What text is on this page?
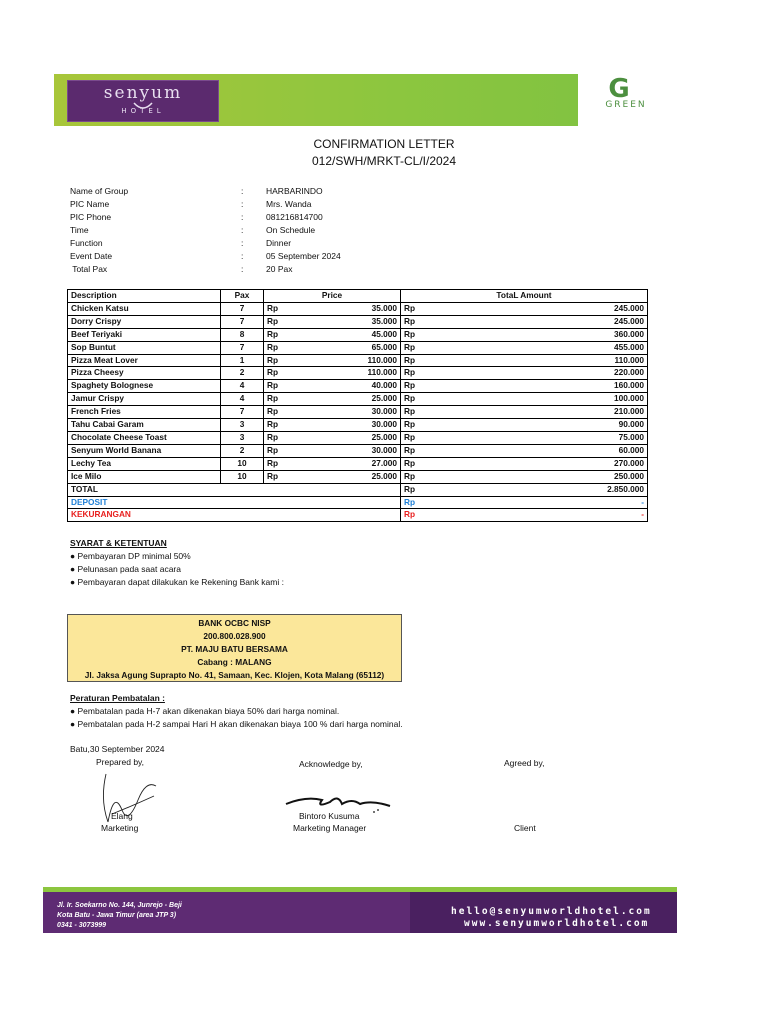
senyum
HOTEL
G
GREEN
CONFIRMATION LETTER
012/SWH/MRKT-CL/I/2024
Name of Group	:	HARBARINDO
PIC Name	:	Mrs. Wanda
PIC Phone	:	081216814700
Time	:	On Schedule
Function	:	Dinner
Event Date	:	05 September 2024
Total Pax	:	20 Pax
Description	Pax	Price		TotaL Amount	
Chicken Katsu	7	Rp	35.000	Rp	245.000
Dorry Crispy	7	Rp	35.000	Rp	245.000
Beef Teriyaki	8	Rp	45.000	Rp	360.000
Sop Buntut	7	Rp	65.000	Rp	455.000
Pizza Meat Lover	1	Rp	110.000	Rp	110.000
Pizza Cheesy	2	Rp	110.000	Rp	220.000
Spaghety Bolognese	4	Rp	40.000	Rp	160.000
Jamur Crispy	4	Rp	25.000	Rp	100.000
French Fries	7	Rp	30.000	Rp	210.000
Tahu Cabai Garam	3	Rp	30.000	Rp	90.000
Chocolate Cheese Toast	3	Rp	25.000	Rp	75.000
Senyum World Banana	2	Rp	30.000	Rp	60.000
Lechy Tea	10	Rp	27.000	Rp	270.000
Ice Milo	10	Rp	25.000	Rp	250.000
TOTAL				Rp	2.850.000
DEPOSIT				Rp	-
KEKURANGAN				Rp	-
SYARAT & KETENTUAN
● Pembayaran DP minimal 50%
● Pelunasan pada saat acara
● Pembayaran dapat dilakukan ke Rekening Bank kami :
BANK OCBC NISP
200.800.028.900
PT. MAJU BATU BERSAMA
Cabang : MALANG
Jl. Jaksa Agung Suprapto No. 41, Samaan, Kec. Klojen, Kota Malang (65112)
Peraturan Pembatalan :
● Pembatalan pada H-7 akan dikenakan biaya 50% dari harga nominal.
● Pembatalan pada H-2 sampai Hari H akan dikenakan biaya 100 % dari harga nominal.
Batu,30 September 2024
Prepared by,	Acknowledge by,	Agreed by,
Elang
Marketing
Bintoro Kusuma
Marketing Manager	Client
Jl. Ir. Soekarno No. 144, Junrejo - Beji
Kota Batu - Jawa Timur (area JTP 3)
0341 - 3073999
hello@senyumworldhotel.com
www.senyumworldhotel.com
